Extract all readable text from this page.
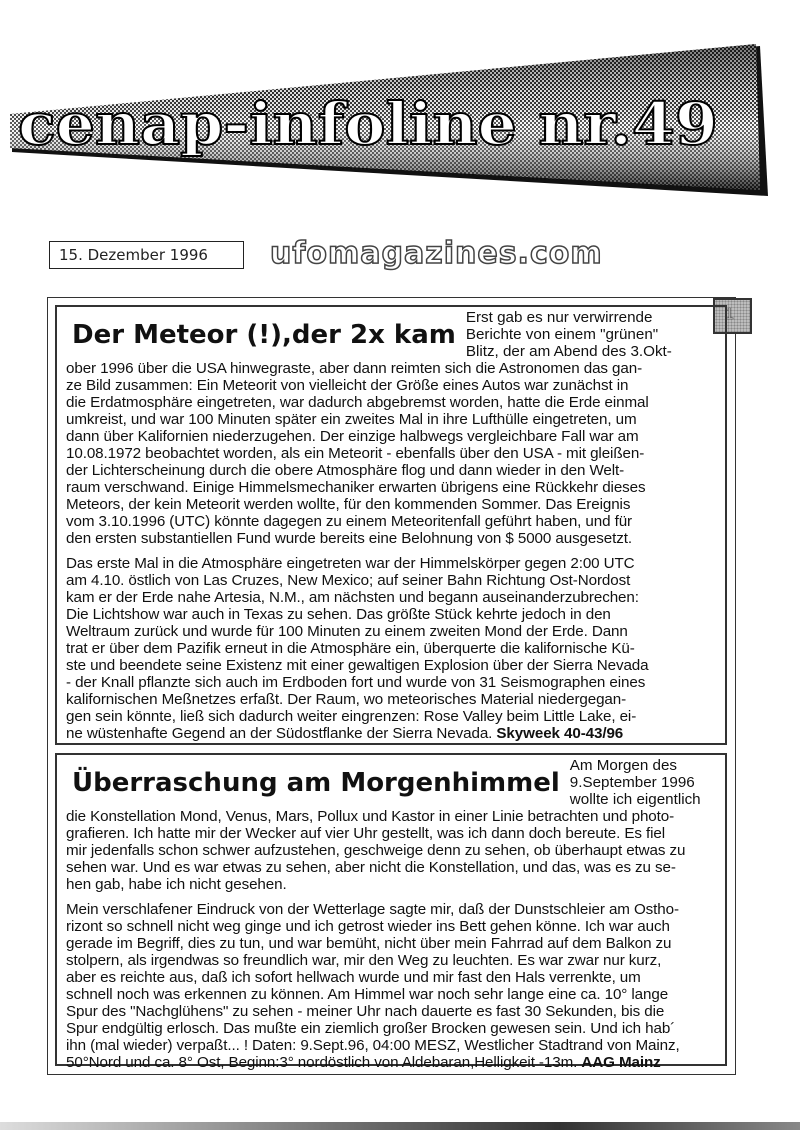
cenap-infoline nr.49
15. Dezember 1996	ufomagazines.com
1
Der Meteor (!),der 2x kam
Erst gab es nur verwirrende
Berichte von einem "grünen"
Blitz, der am Abend des 3.Okt-
ober 1996 über die USA hinwegraste, aber dann reimten sich die Astronomen das gan-
ze Bild zusammen: Ein Meteorit von vielleicht der Größe eines Autos war zunächst in
die Erdatmosphäre eingetreten, war dadurch abgebremst worden, hatte die Erde einmal
umkreist, und war 100 Minuten später ein zweites Mal in ihre Lufthülle eingetreten, um
dann über Kalifornien niederzugehen. Der einzige halbwegs vergleichbare Fall war am
10.08.1972 beobachtet worden, als ein Meteorit - ebenfalls über den USA - mit gleißen-
der Lichterscheinung durch die obere Atmosphäre flog und dann wieder in den Welt-
raum verschwand. Einige Himmelsmechaniker erwarten übrigens eine Rückkehr dieses
Meteors, der kein Meteorit werden wollte, für den kommenden Sommer. Das Ereignis
vom 3.10.1996 (UTC) könnte dagegen zu einem Meteoritenfall geführt haben, und für
den ersten substantiellen Fund wurde bereits eine Belohnung von $ 5000 ausgesetzt.
Das erste Mal in die Atmosphäre eingetreten war der Himmelskörper gegen 2:00 UTC
am 4.10. östlich von Las Cruzes, New Mexico; auf seiner Bahn Richtung Ost-Nordost
kam er der Erde nahe Artesia, N.M., am nächsten und begann auseinanderzubrechen:
Die Lichtshow war auch in Texas zu sehen. Das größte Stück kehrte jedoch in den
Weltraum zurück und wurde für 100 Minuten zu einem zweiten Mond der Erde. Dann
trat er über dem Pazifik erneut in die Atmosphäre ein, überquerte die kalifornische Kü-
ste und beendete seine Existenz mit einer gewaltigen Explosion über der Sierra Nevada
- der Knall pflanzte sich auch im Erdboden fort und wurde von 31 Seismographen eines
kalifornischen Meßnetzes erfaßt. Der Raum, wo meteorisches Material niedergegan-
gen sein könnte, ließ sich dadurch weiter eingrenzen: Rose Valley beim Little Lake, ei-
ne wüstenhafte Gegend an der Südostflanke der Sierra Nevada. Skyweek 40-43/96
Überraschung am Morgenhimmel
Am Morgen des
9.September 1996
wollte ich eigentlich
die Konstellation Mond, Venus, Mars, Pollux und Kastor in einer Linie betrachten und photo-
grafieren. Ich hatte mir der Wecker auf vier Uhr gestellt, was ich dann doch bereute. Es fiel
mir jedenfalls schon schwer aufzustehen, geschweige denn zu sehen, ob überhaupt etwas zu
sehen war. Und es war etwas zu sehen, aber nicht die Konstellation, und das, was es zu se-
hen gab, habe ich nicht gesehen.
Mein verschlafener Eindruck von der Wetterlage sagte mir, daß der Dunstschleier am Ostho-
rizont so schnell nicht weg ginge und ich getrost wieder ins Bett gehen könne. Ich war auch
gerade im Begriff, dies zu tun, und war bemüht, nicht über mein Fahrrad auf dem Balkon zu
stolpern, als irgendwas so freundlich war, mir den Weg zu leuchten. Es war zwar nur kurz,
aber es reichte aus, daß ich sofort hellwach wurde und mir fast den Hals verrenkte, um
schnell noch was erkennen zu können. Am Himmel war noch sehr lange eine ca. 10° lange
Spur des "Nachglühens" zu sehen - meiner Uhr nach dauerte es fast 30 Sekunden, bis die
Spur endgültig erlosch. Das mußte ein ziemlich großer Brocken gewesen sein. Und ich hab´
ihn (mal wieder) verpaßt... ! Daten: 9.Sept.96, 04:00 MESZ, Westlicher Stadtrand von Mainz,
50°Nord und ca. 8° Ost, Beginn:3° nordöstlich von Aldebaran,Helligkeit -13m. AAG Mainz
